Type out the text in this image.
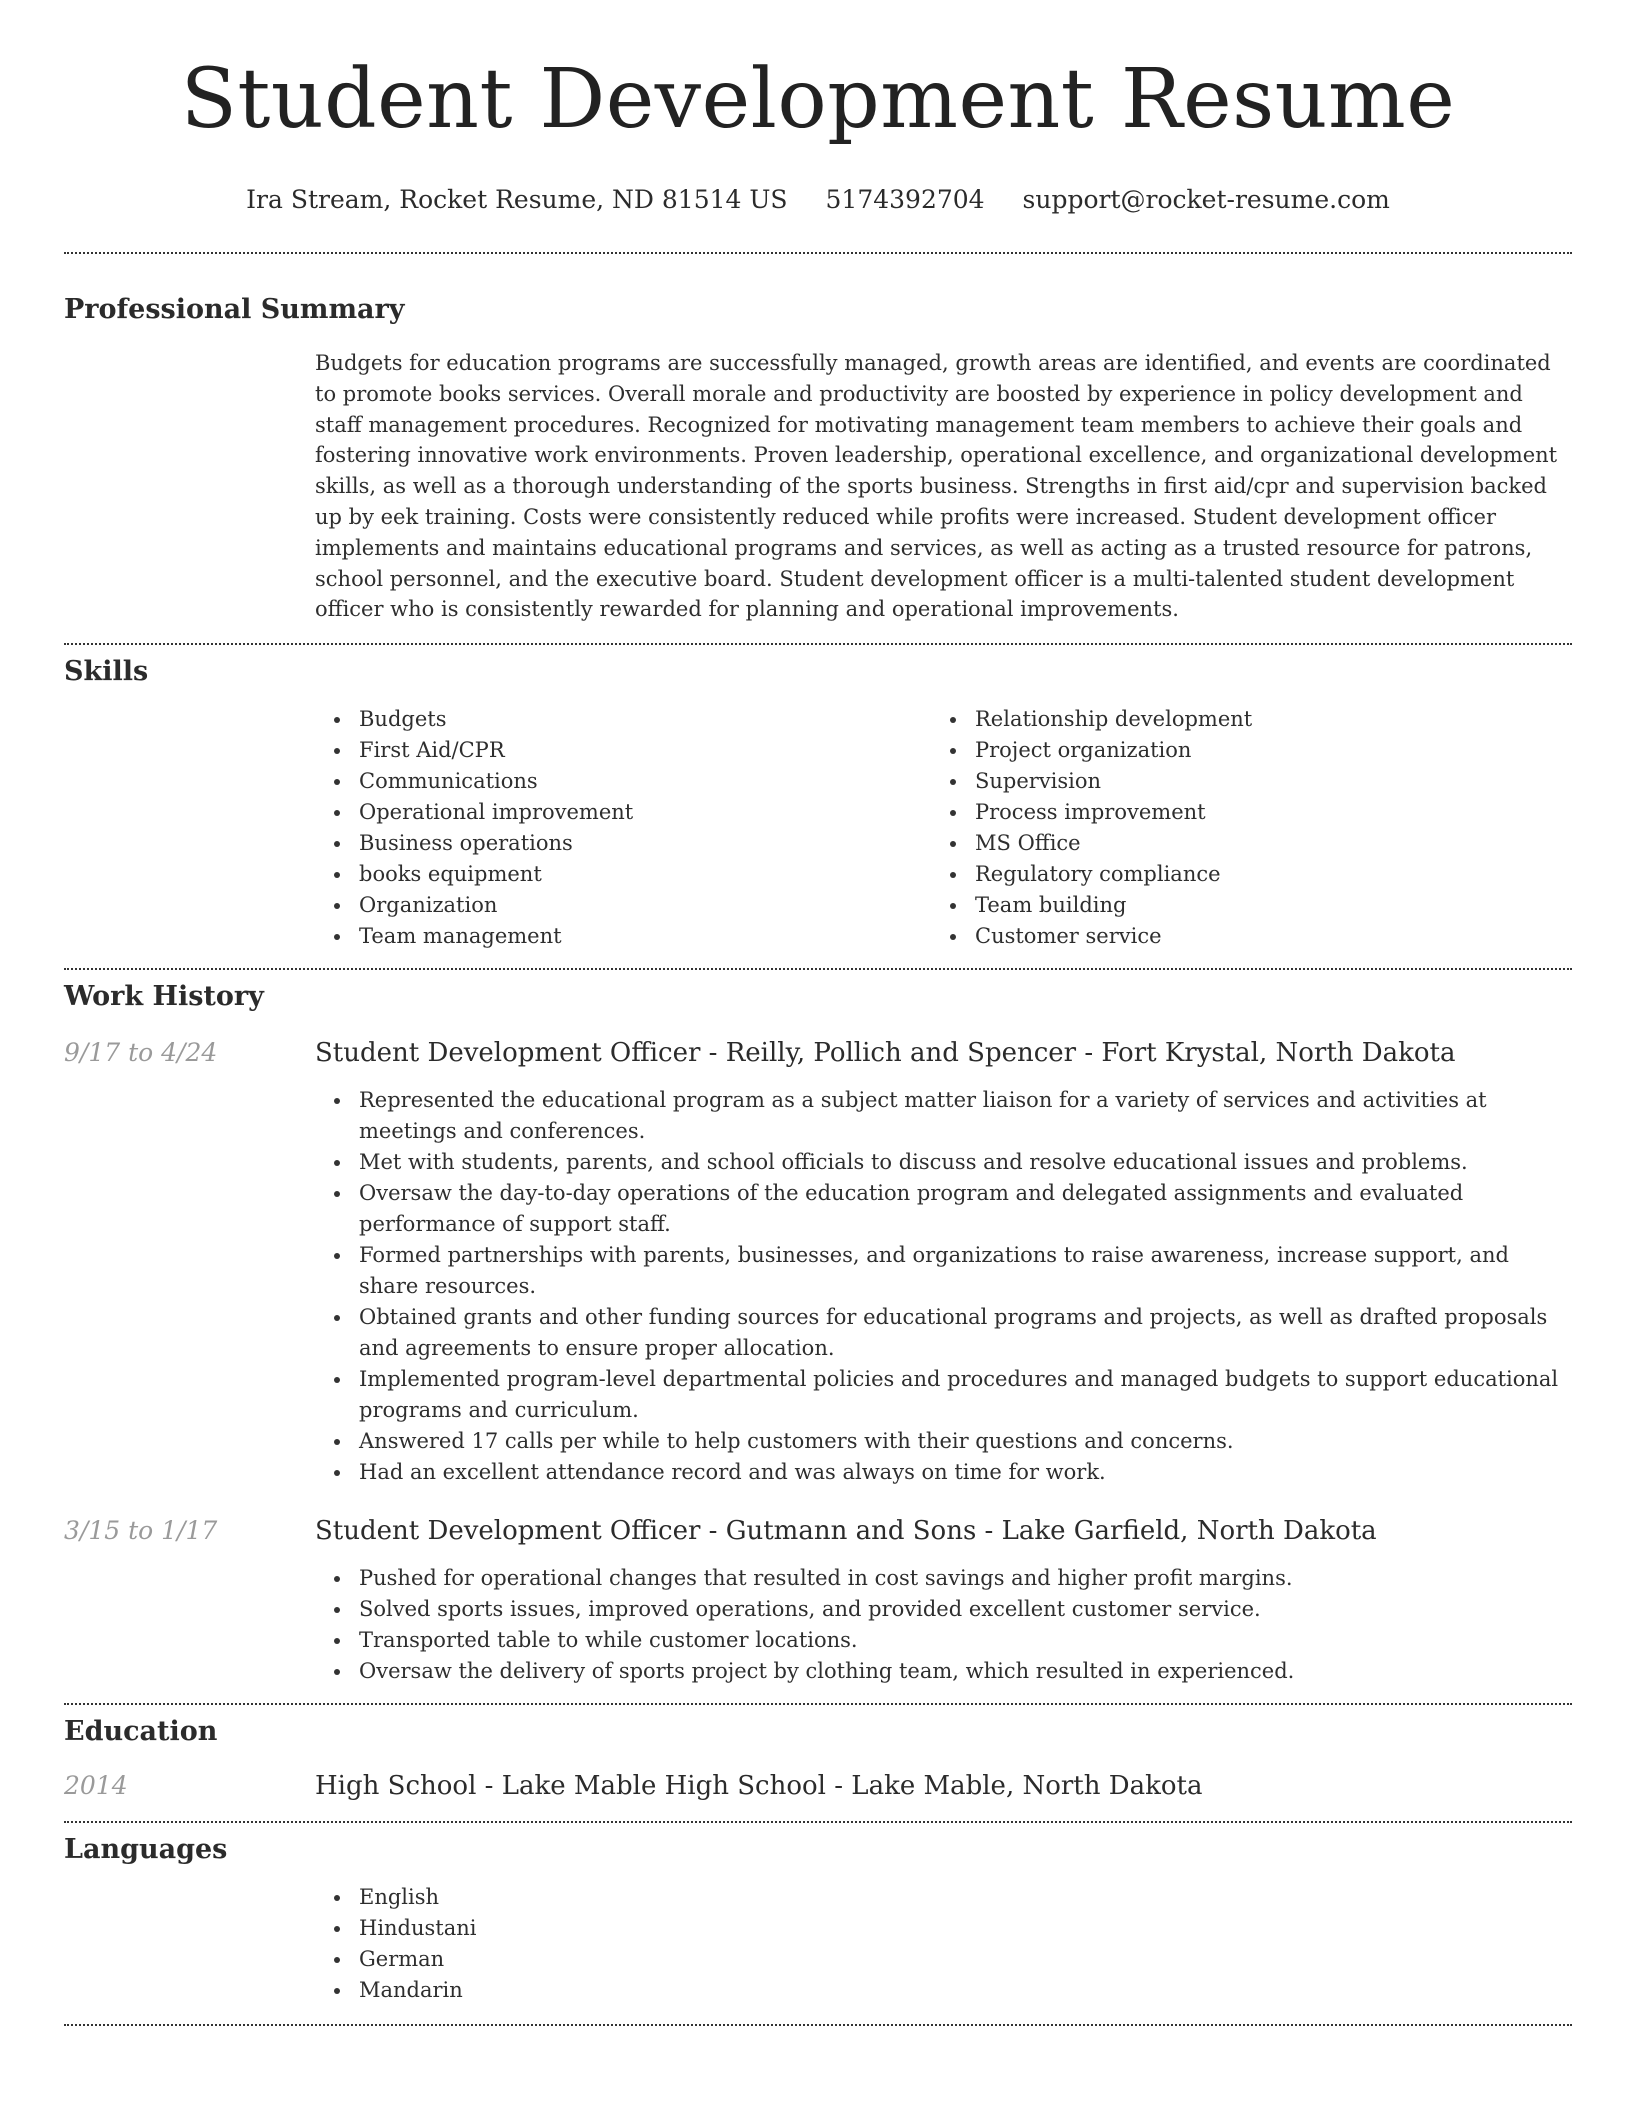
Student Development Resume
Ira Stream, Rocket Resume, ND 81514 US 5174392704 support@rocket-resume.com
Professional Summary

Budgets for education programs are successfully managed, growth areas are identified, and events are coordinated to promote books services. Overall morale and productivity are boosted by experience in policy development and staff management procedures. Recognized for motivating management team members to achieve their goals and fostering innovative work environments. Proven leadership, operational excellence, and organizational development skills, as well as a thorough understanding of the sports business. Strengths in first aid/cpr and supervision backed up by eek training. Costs were consistently reduced while profits were increased. Student development officer implements and maintains educational programs and services, as well as acting as a trusted resource for patrons, school personnel, and the executive board. Student development officer is a multi-talented student development officer who is consistently rewarded for planning and operational improvements.

Skills
Budgets
First Aid/CPR
Communications
Operational improvement
Business operations
books equipment
Organization
Team management
Relationship development
Project organization
Supervision
Process improvement
MS Office
Regulatory compliance
Team building
Customer service
Work History
9/17 to 4/24	Student Development Officer - Reilly, Pollich and Spencer - Fort Krystal, North Dakota
Represented the educational program as a subject matter liaison for a variety of services and activities at meetings and conferences.
Met with students, parents, and school officials to discuss and resolve educational issues and problems.
Oversaw the day-to-day operations of the education program and delegated assignments and evaluated performance of support staff.
Formed partnerships with parents, businesses, and organizations to raise awareness, increase support, and share resources.
Obtained grants and other funding sources for educational programs and projects, as well as drafted proposals and agreements to ensure proper allocation.
Implemented program-level departmental policies and procedures and managed budgets to support educational programs and curriculum.
Answered 17 calls per while to help customers with their questions and concerns.
Had an excellent attendance record and was always on time for work.
3/15 to 1/17	Student Development Officer - Gutmann and Sons - Lake Garfield, North Dakota
Pushed for operational changes that resulted in cost savings and higher profit margins.
Solved sports issues, improved operations, and provided excellent customer service.
Transported table to while customer locations.
Oversaw the delivery of sports project by clothing team, which resulted in experienced.
Education
2014	High School - Lake Mable High School - Lake Mable, North Dakota
Languages
English
Hindustani
German
Mandarin
